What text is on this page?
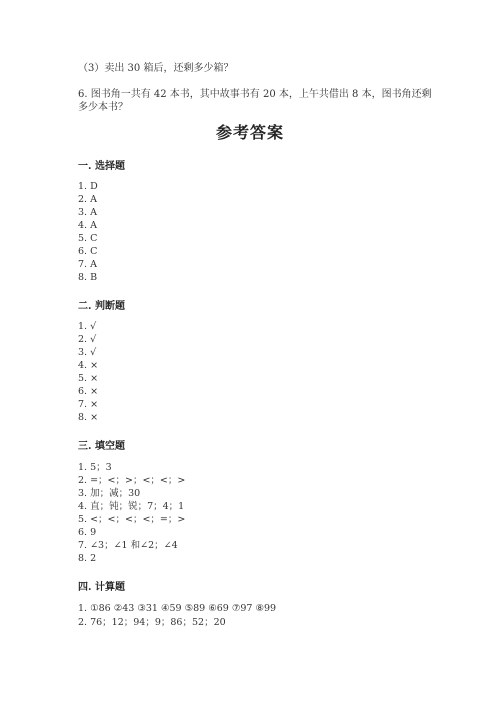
（3）卖出 30 箱后，还剩多少箱？
6. 图书角一共有 42 本书，其中故事书有 20 本，上午共借出 8 本，图书角还剩
多少本书？
参考答案
一. 选择题
1. D
2. A
3. A
4. A
5. C
6. C
7. A
8. B
二. 判断题
1. √
2. √
3. √
4. ×
5. ×
6. ×
7. ×
8. ×
三. 填空题
1. 5；3
2. =；<；>；<；<；>
3. 加；减；30
4. 直；钝；锐；7；4；1
5. <；<；<；<；=；>
6. 9
7. ∠3；∠1 和∠2；∠4
8. 2
四. 计算题
1. ①86 ②43 ③31 ④59 ⑤89 ⑥69 ⑦97 ⑧99
2. 76；12；94；9；86；52；20
